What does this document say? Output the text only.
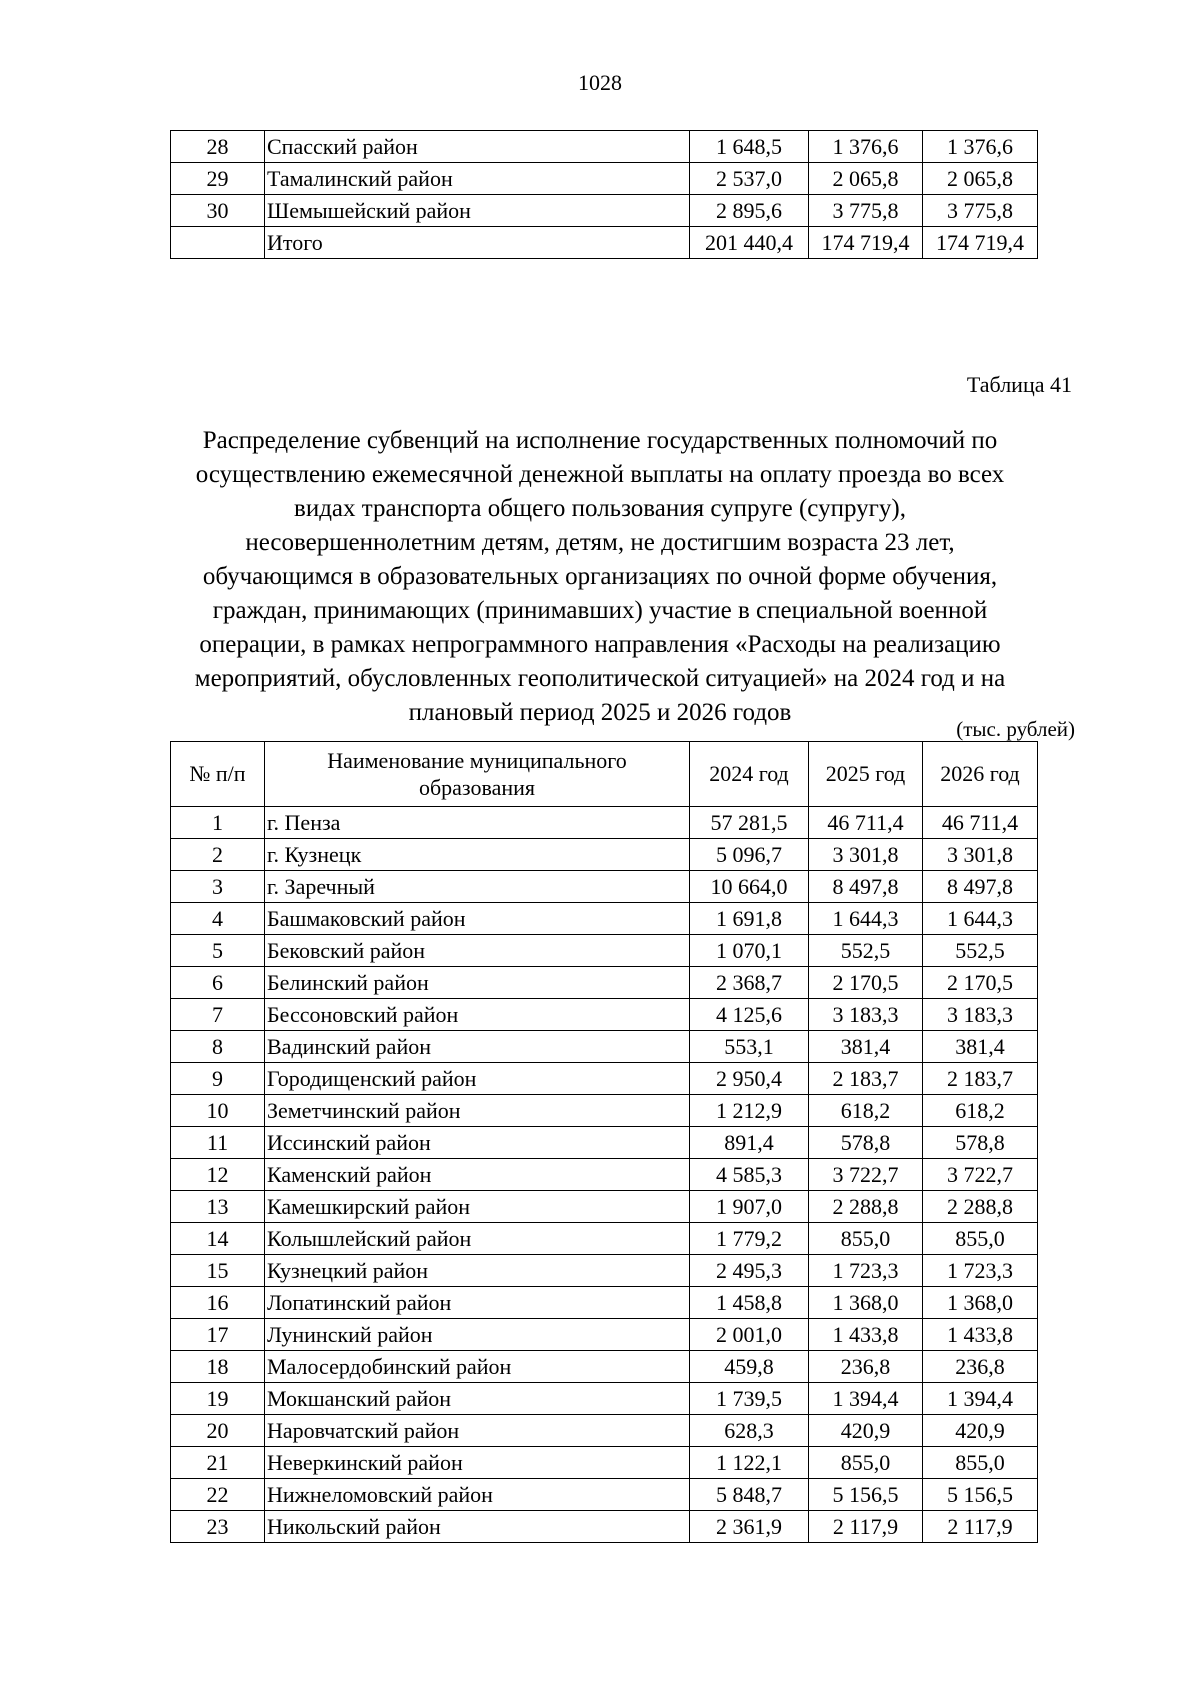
1028
28	Спасский район	1 648,5	1 376,6	1 376,6
29	Тамалинский район	2 537,0	2 065,8	2 065,8
30	Шемышейский район	2 895,6	3 775,8	3 775,8
	Итого	201 440,4	174 719,4	174 719,4
Таблица 41
Распределение субвенций на исполнение государственных полномочий по
осуществлению ежемесячной денежной выплаты на оплату проезда во всех
видах транспорта общего пользования супруге (супругу),
несовершеннолетним детям, детям, не достигшим возраста 23 лет,
обучающимся в образовательных организациях по очной форме обучения,
граждан, принимающих (принимавших) участие в специальной военной
операции, в рамках непрограммного направления «Расходы на реализацию
мероприятий, обусловленных геополитической ситуацией» на 2024 год и на
плановый период 2025 и 2026 годов
(тыс. рублей)
№ п/п	Наименование муниципального образования	2024 год	2025 год	2026 год
1	г. Пенза	57 281,5	46 711,4	46 711,4
2	г. Кузнецк	5 096,7	3 301,8	3 301,8
3	г. Заречный	10 664,0	8 497,8	8 497,8
4	Башмаковский район	1 691,8	1 644,3	1 644,3
5	Бековский район	1 070,1	552,5	552,5
6	Белинский район	2 368,7	2 170,5	2 170,5
7	Бессоновский район	4 125,6	3 183,3	3 183,3
8	Вадинский район	553,1	381,4	381,4
9	Городищенский район	2 950,4	2 183,7	2 183,7
10	Земетчинский район	1 212,9	618,2	618,2
11	Иссинский район	891,4	578,8	578,8
12	Каменский район	4 585,3	3 722,7	3 722,7
13	Камешкирский район	1 907,0	2 288,8	2 288,8
14	Колышлейский район	1 779,2	855,0	855,0
15	Кузнецкий район	2 495,3	1 723,3	1 723,3
16	Лопатинский район	1 458,8	1 368,0	1 368,0
17	Лунинский район	2 001,0	1 433,8	1 433,8
18	Малосердобинский район	459,8	236,8	236,8
19	Мокшанский район	1 739,5	1 394,4	1 394,4
20	Наровчатский район	628,3	420,9	420,9
21	Неверкинский район	1 122,1	855,0	855,0
22	Нижнеломовский район	5 848,7	5 156,5	5 156,5
23	Никольский район	2 361,9	2 117,9	2 117,9
